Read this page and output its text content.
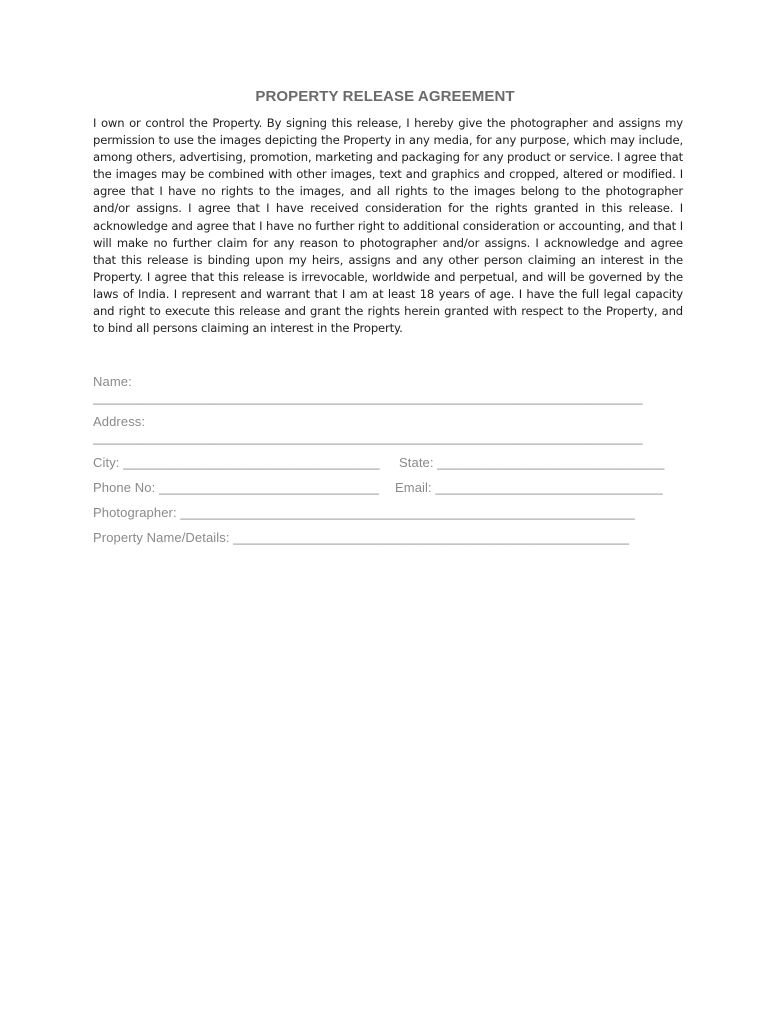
PROPERTY RELEASE AGREEMENT
I own or control the Property. By signing this release, I hereby give the photographer and assigns my permission to use the images depicting the Property in any media, for any purpose, which may include, among others, advertising, promotion, marketing and packaging for any product or service. I agree that the images may be combined with other images, text and graphics and cropped, altered or modified. I agree that I have no rights to the images, and all rights to the images belong to the photographer and/or assigns. I agree that I have received consideration for the rights granted in this release. I acknowledge and agree that I have no further right to additional consideration or accounting, and that I will make no further claim for any reason to photographer and/or assigns. I acknowledge and agree that this release is binding upon my heirs, assigns and any other person claiming an interest in the Property. I agree that this release is irrevocable, worldwide and perpetual, and will be governed by the laws of India. I represent and warrant that I am at least 18 years of age. I have the full legal capacity and right to execute this release and grant the rights herein granted with respect to the Property, and to bind all persons claiming an interest in the Property.
Name:
____________________________________________________________________________
Address:
____________________________________________________________________________
City: ___________________________________ State: _______________________________
Phone No: ______________________________ Email: _______________________________
Photographer: ______________________________________________________________
Property Name/Details: ______________________________________________________
